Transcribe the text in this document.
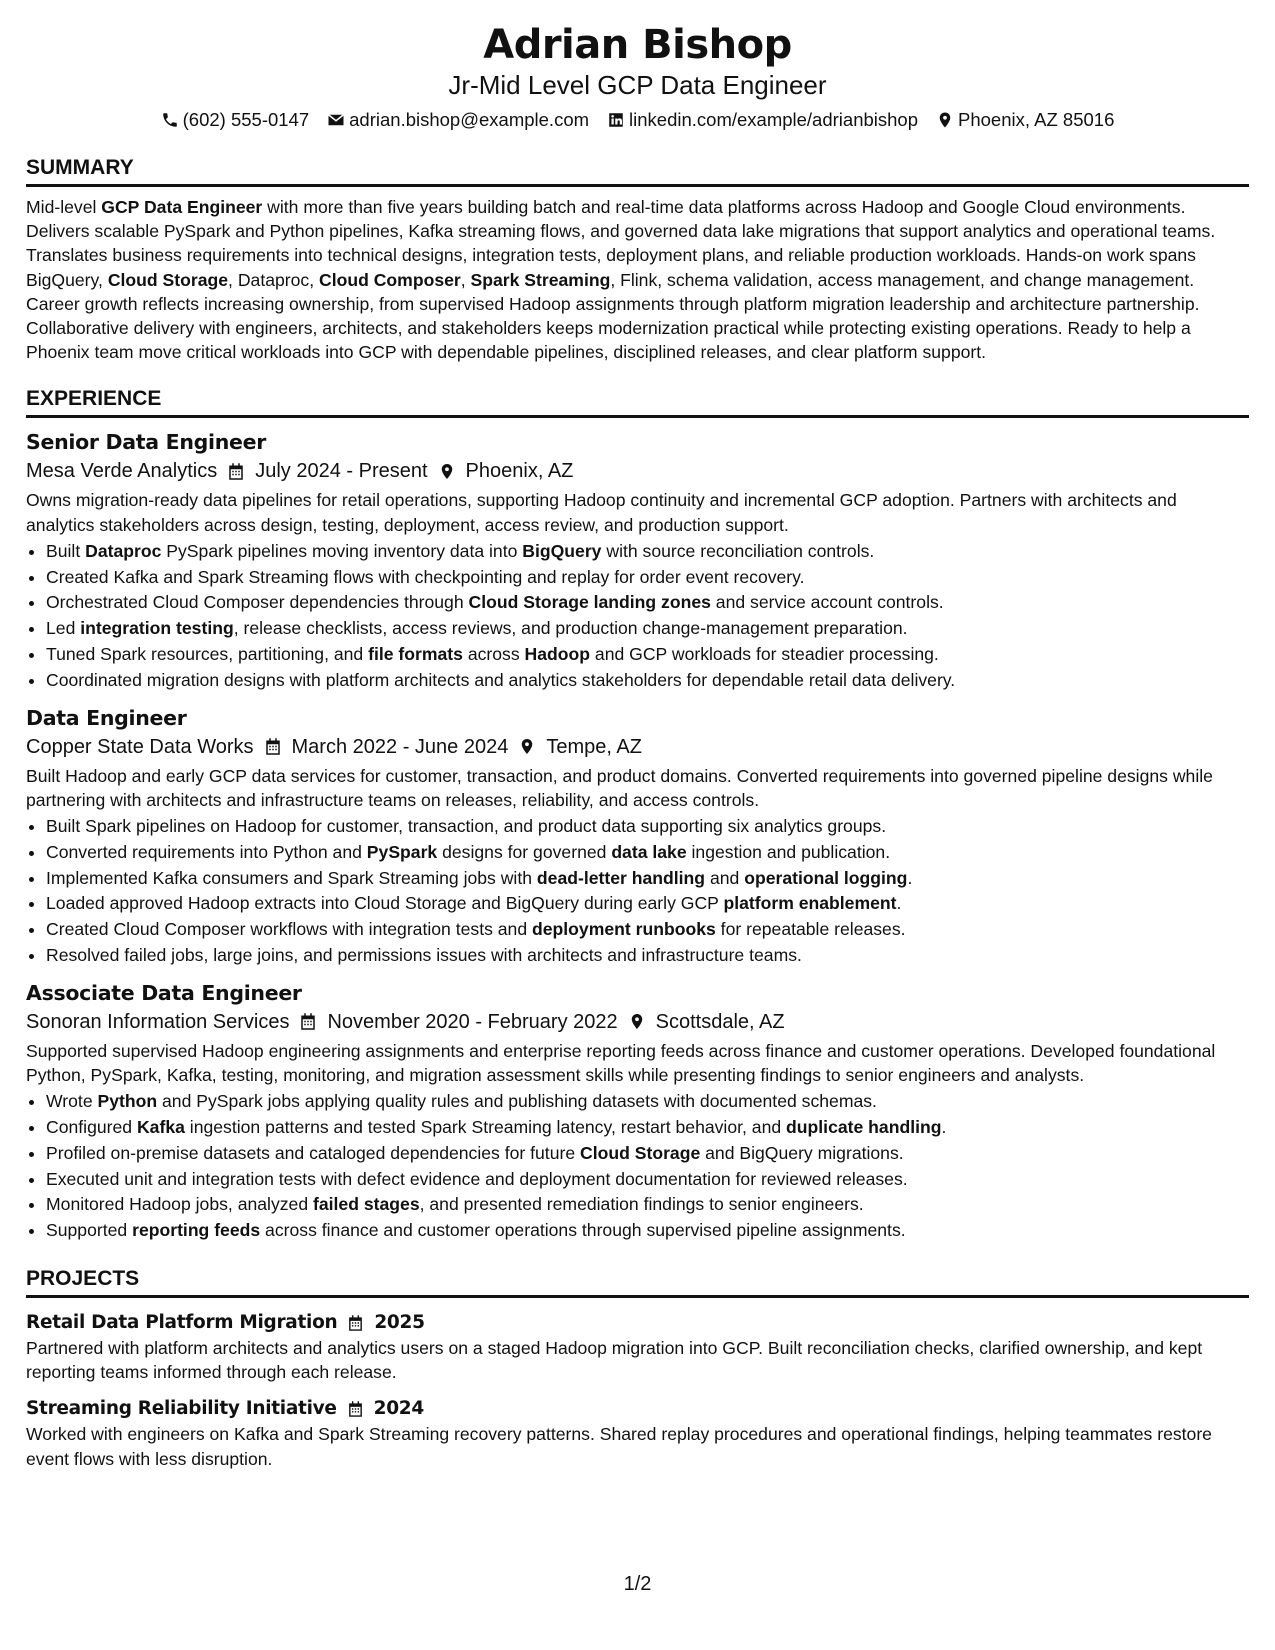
Adrian Bishop
Jr-Mid Level GCP Data Engineer
(602) 555-0147 adrian.bishop@example.com linkedin.com/example/adrianbishop Phoenix, AZ 85016
SUMMARY
Mid-level GCP Data Engineer with more than five years building batch and real-time data platforms across Hadoop and Google Cloud environments. Delivers scalable PySpark and Python pipelines, Kafka streaming flows, and governed data lake migrations that support analytics and operational teams. Translates business requirements into technical designs, integration tests, deployment plans, and reliable production workloads. Hands-on work spans BigQuery, Cloud Storage, Dataproc, Cloud Composer, Spark Streaming, Flink, schema validation, access management, and change management. Career growth reflects increasing ownership, from supervised Hadoop assignments through platform migration leadership and architecture partnership. Collaborative delivery with engineers, architects, and stakeholders keeps modernization practical while protecting existing operations. Ready to help a Phoenix team move critical workloads into GCP with dependable pipelines, disciplined releases, and clear platform support.
EXPERIENCE
Senior Data Engineer
Mesa Verde Analytics July 2024 - Present Phoenix, AZ
Owns migration-ready data pipelines for retail operations, supporting Hadoop continuity and incremental GCP adoption. Partners with architects and analytics stakeholders across design, testing, deployment, access review, and production support.
• Built Dataproc PySpark pipelines moving inventory data into BigQuery with source reconciliation controls.
• Created Kafka and Spark Streaming flows with checkpointing and replay for order event recovery.
• Orchestrated Cloud Composer dependencies through Cloud Storage landing zones and service account controls.
• Led integration testing, release checklists, access reviews, and production change-management preparation.
• Tuned Spark resources, partitioning, and file formats across Hadoop and GCP workloads for steadier processing.
• Coordinated migration designs with platform architects and analytics stakeholders for dependable retail data delivery.
Data Engineer
Copper State Data Works March 2022 - June 2024 Tempe, AZ
Built Hadoop and early GCP data services for customer, transaction, and product domains. Converted requirements into governed pipeline designs while partnering with architects and infrastructure teams on releases, reliability, and access controls.
• Built Spark pipelines on Hadoop for customer, transaction, and product data supporting six analytics groups.
• Converted requirements into Python and PySpark designs for governed data lake ingestion and publication.
• Implemented Kafka consumers and Spark Streaming jobs with dead-letter handling and operational logging.
• Loaded approved Hadoop extracts into Cloud Storage and BigQuery during early GCP platform enablement.
• Created Cloud Composer workflows with integration tests and deployment runbooks for repeatable releases.
• Resolved failed jobs, large joins, and permissions issues with architects and infrastructure teams.
Associate Data Engineer
Sonoran Information Services November 2020 - February 2022 Scottsdale, AZ
Supported supervised Hadoop engineering assignments and enterprise reporting feeds across finance and customer operations. Developed foundational Python, PySpark, Kafka, testing, monitoring, and migration assessment skills while presenting findings to senior engineers and analysts.
• Wrote Python and PySpark jobs applying quality rules and publishing datasets with documented schemas.
• Configured Kafka ingestion patterns and tested Spark Streaming latency, restart behavior, and duplicate handling.
• Profiled on-premise datasets and cataloged dependencies for future Cloud Storage and BigQuery migrations.
• Executed unit and integration tests with defect evidence and deployment documentation for reviewed releases.
• Monitored Hadoop jobs, analyzed failed stages, and presented remediation findings to senior engineers.
• Supported reporting feeds across finance and customer operations through supervised pipeline assignments.
PROJECTS
Retail Data Platform Migration 2025
Partnered with platform architects and analytics users on a staged Hadoop migration into GCP. Built reconciliation checks, clarified ownership, and kept reporting teams informed through each release.
Streaming Reliability Initiative 2024
Worked with engineers on Kafka and Spark Streaming recovery patterns. Shared replay procedures and operational findings, helping teammates restore event flows with less disruption.
1/2
